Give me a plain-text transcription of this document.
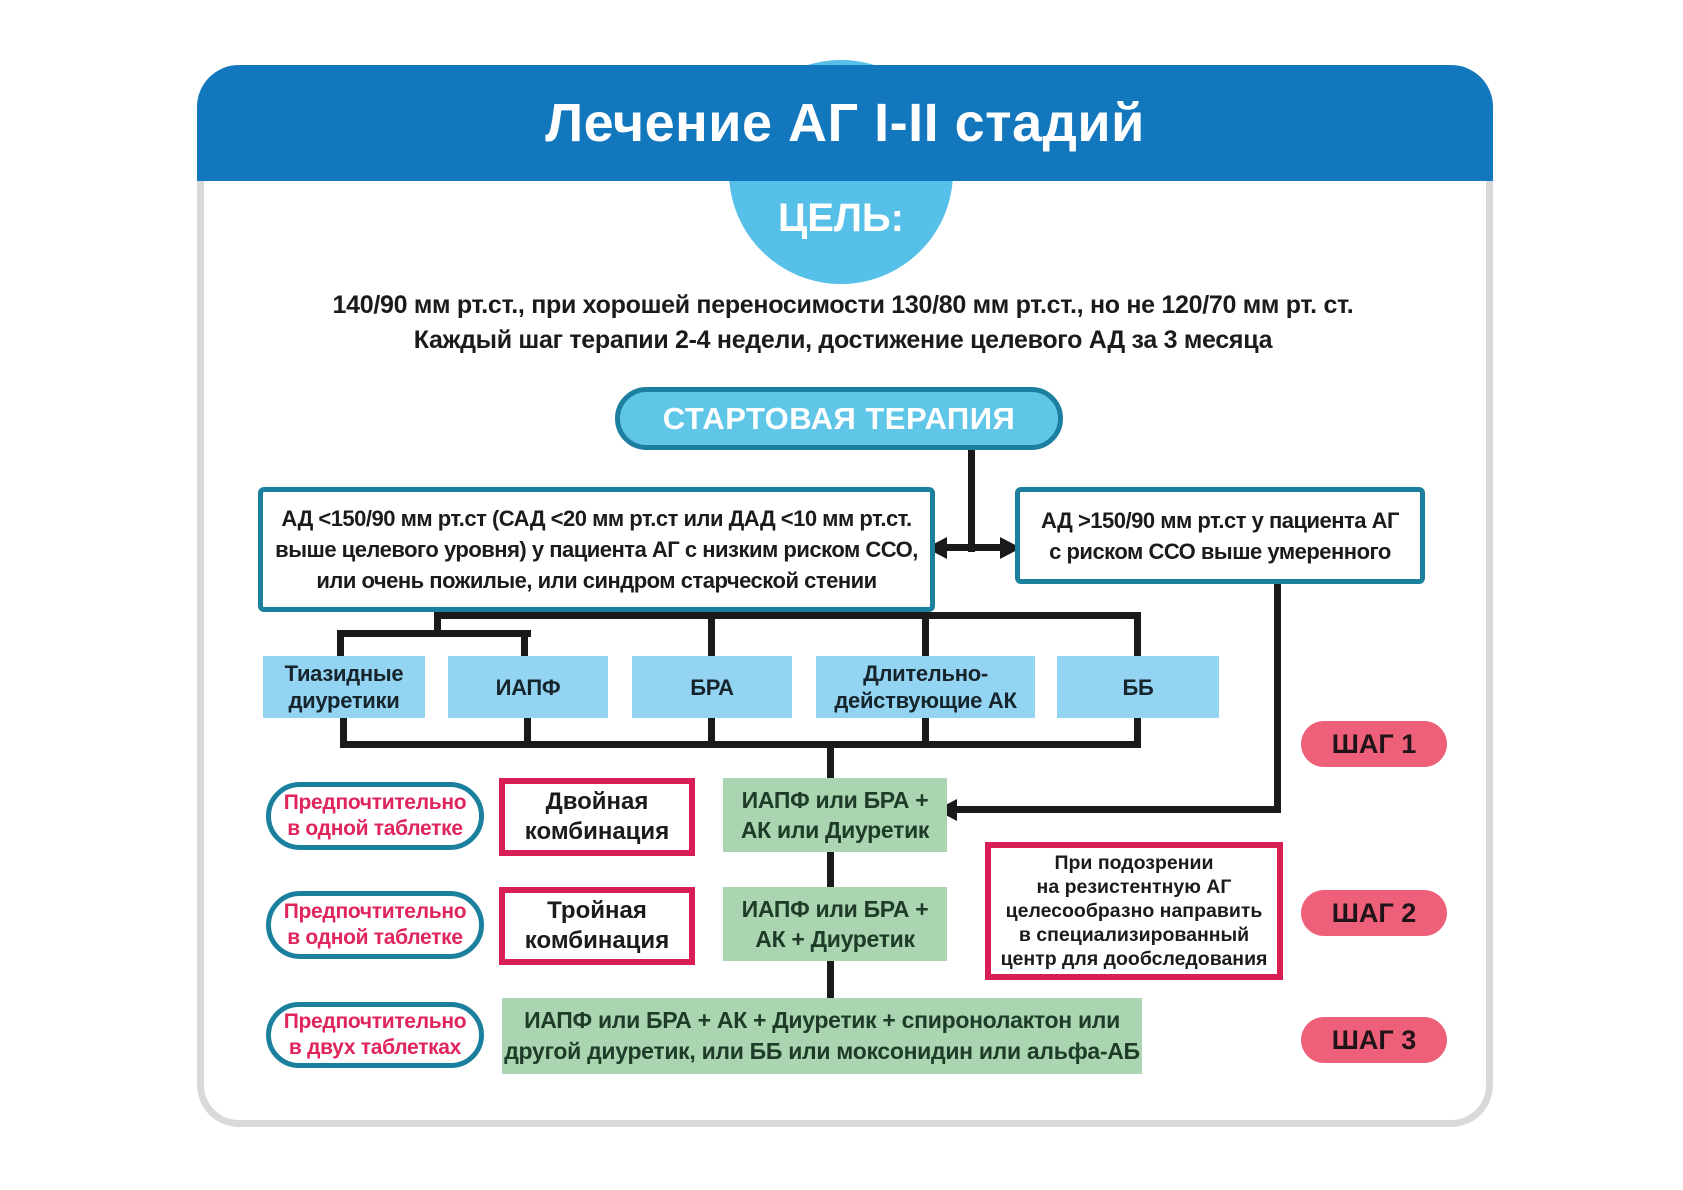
Лечение АГ I-II стадий
ЦЕЛЬ:
140/90 мм рт.ст., при хорошей переносимости 130/80 мм рт.ст., но не 120/70 мм рт. ст.
Каждый шаг терапии 2-4 недели, достижение целевого АД за 3 месяца
СТАРТОВАЯ ТЕРАПИЯ
АД <150/90 мм рт.ст (САД <20 мм рт.ст или ДАД <10 мм рт.ст.
выше целевого уровня) у пациента АГ с низким риском ССО,
или очень пожилые, или синдром старческой стении
АД >150/90 мм рт.ст у пациента АГ
с риском ССО выше умеренного
Тиазидные диуретики
ИАПФ	БРА
Длительно-действующие АК
ББ
ШАГ 1
ШАГ 2
ШАГ 3
Предпочтительно
в одной таблетке
Двойная
комбинация
ИАПФ или БРА +
АК или Диуретик
Предпочтительно
в одной таблетке
Тройная
комбинация
ИАПФ или БРА +
АК + Диуретик
При подозрении
на резистентную АГ
целесообразно направить
в специализированный
центр для дообследования
Предпочтительно
в двух таблетках
ИАПФ или БРА + АК + Диуретик + спиронолактон или
другой диуретик, или ББ или моксонидин или альфа-АБ
